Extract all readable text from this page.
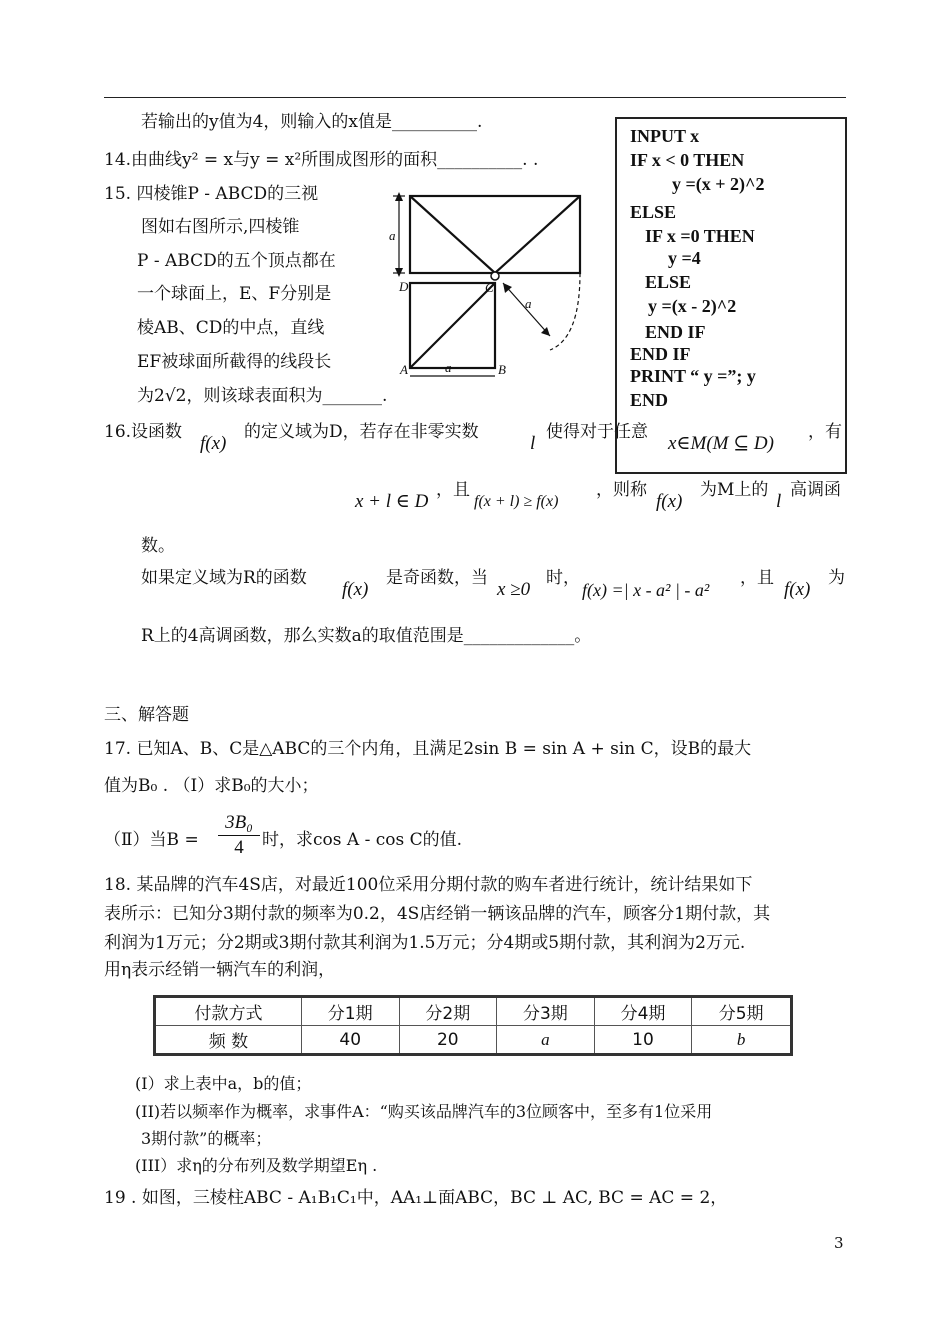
若输出的y值为4，则输入的x值是__________.
14.由曲线y² = x与y = x²所围成图形的面积__________. .
15. 四棱锥P - ABCD的三视
图如右图所示,四棱锥
P - ABCD的五个顶点都在
一个球面上，E、F分别是
棱AB、CD的中点，直线
EF被球面所截得的线段长
为2√2，则该球表面积为_______.
a
a
a
A	B
C
D
INPUT x
IF x < 0 THEN
y =(x + 2)^2
ELSE
IF x =0 THEN
y =4
ELSE
y =(x - 2)^2
END IF
END IF
PRINT “ y =”; y
END
16.设函数
f(x)
的定义域为D，若存在非零实数
l
使得对于任意
x∈M(M ⊆ D)
，有
x + l ∈ D
，且
f(x + l) ≥ f(x)
，则称
f(x)
为M上的
l
高调函
数。
如果定义域为R的函数
f(x)
是奇函数，当
x ≥0
时，
f(x) =| x - a² | - a²
，且
f(x)
为
R上的4高调函数，那么实数a的取值范围是_____________。
三、解答题
17. 已知A、B、C是△ABC的三个内角，且满足2sin B = sin A + sin C，设B的最大
值为B₀ . （Ⅰ）求B₀的大小；
（Ⅱ）当B =
3B₀
4	时，求cos A - cos C的值.
18. 某品牌的汽车4S店，对最近100位采用分期付款的购车者进行统计，统计结果如下
表所示：已知分3期付款的频率为0.2，4S店经销一辆该品牌的汽车，顾客分1期付款，其
利润为1万元；分2期或3期付款其利润为1.5万元；分4期或5期付款，其利润为2万元.
用η表示经销一辆汽车的利润，
付款方式	分1期	分2期	分3期	分4期	分5期
频 数	40	20	a	10	b
(I）求上表中a，b的值；
(II)若以频率作为概率，求事件A：“购买该品牌汽车的3位顾客中，至多有1位采用
3期付款”的概率；
(III）求η的分布列及数学期望Eη .
19 . 如图，三棱柱ABC - A₁B₁C₁中，AA₁⊥面ABC，BC ⊥ AC, BC = AC = 2，
3
